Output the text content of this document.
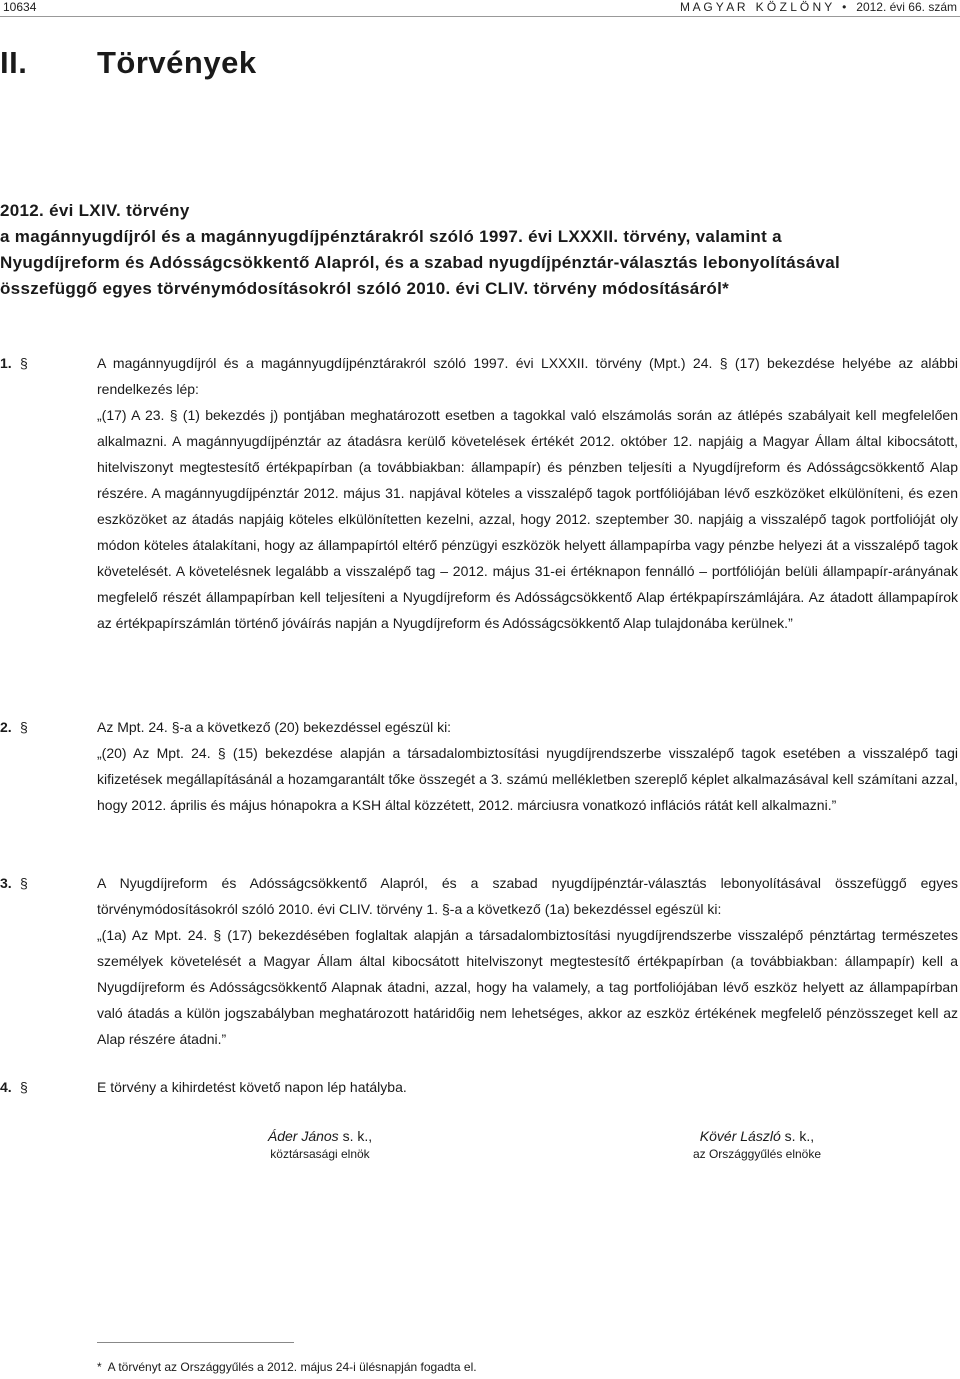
10634	M A G Y A R   K Ö Z L Ö N Y   •   2012. évi 66. szám
II. Törvények
2012. évi LXIV. törvény
a magánnyugdíjról és a magánnyugdíjpénztárakról szóló 1997. évi LXXXII. törvény, valamint a Nyugdíjreform és Adósságcsökkentő Alapról, és a szabad nyugdíjpénztár-választás lebonyolításával összefüggő egyes törvénymódosításokról szóló 2010. évi CLIV. törvény módosításáról*
1. §	A magánnyugdíjról és a magánnyugdíjpénztárakról szóló 1997. évi LXXXII. törvény (Mpt.) 24. § (17) bekezdése helyébe az alábbi rendelkezés lép:

„(17) A 23. § (1) bekezdés j) pontjában meghatározott esetben a tagokkal való elszámolás során az átlépés szabályait kell megfelelően alkalmazni. A magánnyugdíjpénztár az átadásra kerülő követelések értékét 2012. október 12. napjáig a Magyar Állam által kibocsátott, hitelviszonyt megtestesítő értékpapírban (a továbbiakban: állampapír) és pénzben teljesíti a Nyugdíjreform és Adósságcsökkentő Alap részére. A magánnyugdíjpénztár 2012. május 31. napjával köteles a visszalépő tagok portfóliójában lévő eszközöket elkülöníteni, és ezen eszközöket az átadás napjáig köteles elkülönítetten kezelni, azzal, hogy 2012. szeptember 30. napjáig a visszalépő tagok portfolióját oly módon köteles átalakítani, hogy az állampapírtól eltérő pénzügyi eszközök helyett állampapírba vagy pénzbe helyezi át a visszalépő tagok követelését. A követelésnek legalább a visszalépő tag – 2012. május 31-ei értéknapon fennálló – portfólióján belüli állampapír-arányának megfelelő részét állampapírban kell teljesíteni a Nyugdíjreform és Adósságcsökkentő Alap értékpapírszámlájára. Az átadott állampapírok az értékpapírszámlán történő jóváírás napján a Nyugdíjreform és Adósságcsökkentő Alap tulajdonába kerülnek.”

2. §	Az Mpt. 24. §-a a következő (20) bekezdéssel egészül ki:

„(20) Az Mpt. 24. § (15) bekezdése alapján a társadalombiztosítási nyugdíjrendszerbe visszalépő tagok esetében a visszalépő tagi kifizetések megállapításánál a hozamgarantált tőke összegét a 3. számú mellékletben szereplő képlet alkalmazásával kell számítani azzal, hogy 2012. április és május hónapokra a KSH által közzétett, 2012. márciusra vonatkozó inflációs rátát kell alkalmazni.”

3. §	A Nyugdíjreform és Adósságcsökkentő Alapról, és a szabad nyugdíjpénztár-választás lebonyolításával összefüggő egyes törvénymódosításokról szóló 2010. évi CLIV. törvény 1. §-a a következő (1a) bekezdéssel egészül ki:

„(1a) Az Mpt. 24. § (17) bekezdésében foglaltak alapján a társadalombiztosítási nyugdíjrendszerbe visszalépő pénztártag természetes személyek követelését a Magyar Állam által kibocsátott hitelviszonyt megtestesítő értékpapírban (a továbbiakban: állampapír) kell a Nyugdíjreform és Adósságcsökkentő Alapnak átadni, azzal, hogy ha valamely, a tag portfoliójában lévő eszköz helyett az állampapírban való átadás a külön jogszabályban meghatározott határidőig nem lehetséges, akkor az eszköz értékének megfelelő pénzösszeget kell az Alap részére átadni.”

4. §	E törvény a kihirdetést követő napon lép hatályba.

Áder János s. k.,
köztársasági elnök
Kövér László s. k.,
az Országgyűlés elnöke
*  A törvényt az Országgyűlés a 2012. május 24-i ülésnapján fogadta el.
